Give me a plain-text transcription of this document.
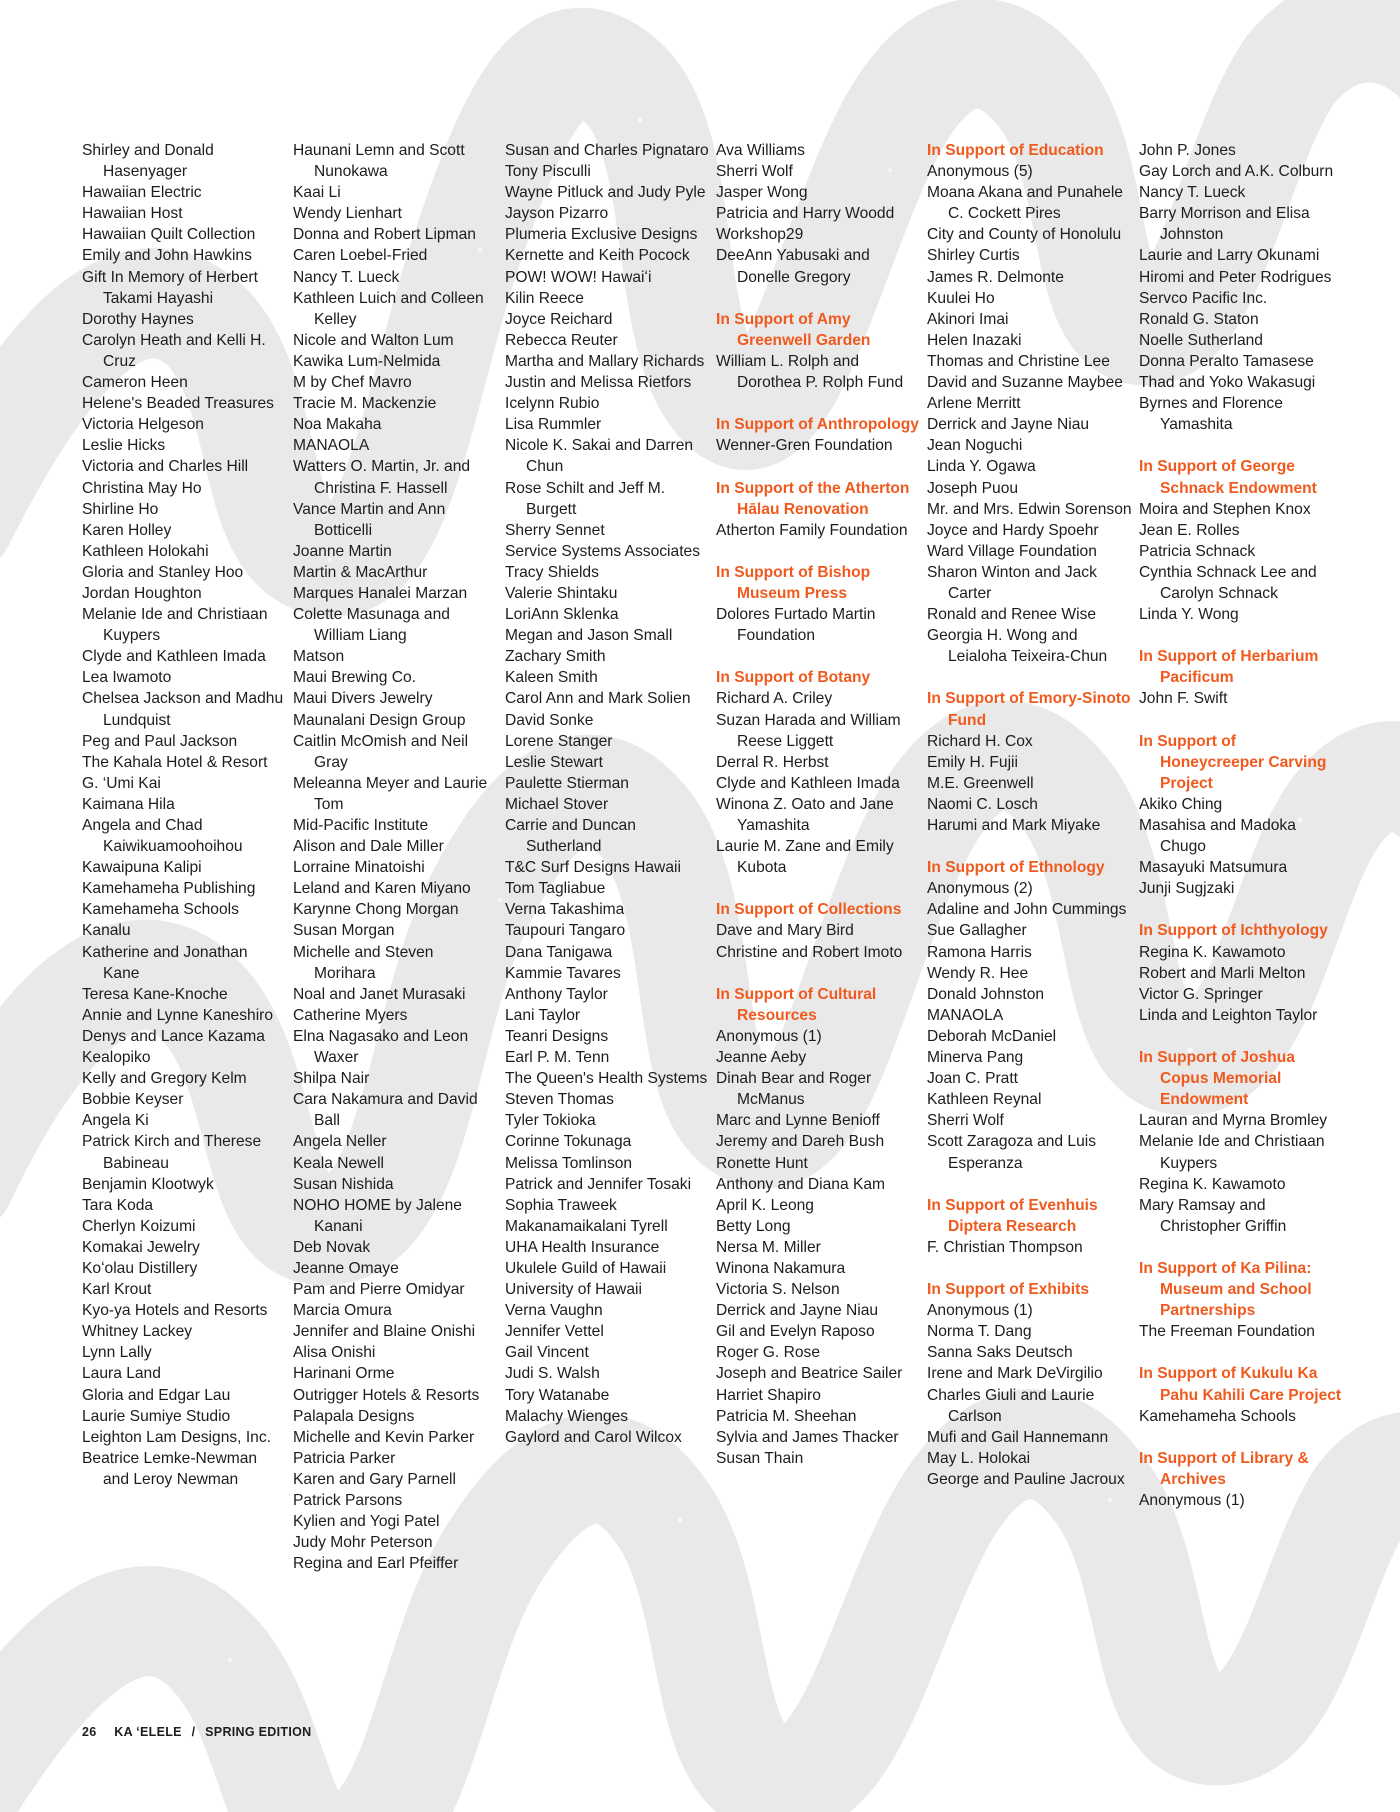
Shirley and Donald Hasenyager
Hawaiian Electric
Hawaiian Host
Hawaiian Quilt Collection
Emily and John Hawkins
Gift In Memory of Herbert Takami Hayashi
Dorothy Haynes
Carolyn Heath and Kelli H. Cruz
Cameron Heen
Helene's Beaded Treasures
Victoria Helgeson
Leslie Hicks
Victoria and Charles Hill
Christina May Ho
Shirline Ho
Karen Holley
Kathleen Holokahi
Gloria and Stanley Hoo
Jordan Houghton
Melanie Ide and Christiaan Kuypers
Clyde and Kathleen Imada
Lea Iwamoto
Chelsea Jackson and Madhu Lundquist
Peg and Paul Jackson
The Kahala Hotel & Resort
G. ‘Umi Kai
Kaimana Hila
Angela and Chad Kaiwikuamoohoihou
Kawaipuna Kalipi
Kamehameha Publishing
Kamehameha Schools
Kanalu
Katherine and Jonathan Kane
Teresa Kane-Knoche
Annie and Lynne Kaneshiro
Denys and Lance Kazama
Kealopiko
Kelly and Gregory Kelm
Bobbie Keyser
Angela Ki
Patrick Kirch and Therese Babineau
Benjamin Klootwyk
Tara Koda
Cherlyn Koizumi
Komakai Jewelry
Koʻolau Distillery
Karl Krout
Kyo-ya Hotels and Resorts
Whitney Lackey
Lynn Lally
Laura Land
Gloria and Edgar Lau
Laurie Sumiye Studio
Leighton Lam Designs, Inc.
Beatrice Lemke-Newman and Leroy Newman
Haunani Lemn and Scott Nunokawa
Kaai Li
Wendy Lienhart
Donna and Robert Lipman
Caren Loebel-Fried
Nancy T. Lueck
Kathleen Luich and Colleen Kelley
Nicole and Walton Lum
Kawika Lum-Nelmida
M by Chef Mavro
Tracie M. Mackenzie
Noa Makaha
MANAOLA
Watters O. Martin, Jr. and Christina F. Hassell
Vance Martin and Ann Botticelli
Joanne Martin
Martin & MacArthur
Marques Hanalei Marzan
Colette Masunaga and William Liang
Matson
Maui Brewing Co.
Maui Divers Jewelry
Maunalani Design Group
Caitlin McOmish and Neil Gray
Meleanna Meyer and Laurie Tom
Mid-Pacific Institute
Alison and Dale Miller
Lorraine Minatoishi
Leland and Karen Miyano
Karynne Chong Morgan
Susan Morgan
Michelle and Steven Morihara
Noal and Janet Murasaki
Catherine Myers
Elna Nagasako and Leon Waxer
Shilpa Nair
Cara Nakamura and David Ball
Angela Neller
Keala Newell
Susan Nishida
NOHO HOME by Jalene Kanani
Deb Novak
Jeanne Omaye
Pam and Pierre Omidyar
Marcia Omura
Jennifer and Blaine Onishi
Alisa Onishi
Harinani Orme
Outrigger Hotels & Resorts
Palapala Designs
Michelle and Kevin Parker
Patricia Parker
Karen and Gary Parnell
Patrick Parsons
Kylien and Yogi Patel
Judy Mohr Peterson
Regina and Earl Pfeiffer
Susan and Charles Pignataro
Tony Pisculli
Wayne Pitluck and Judy Pyle
Jayson Pizarro
Plumeria Exclusive Designs
Kernette and Keith Pocock
POW! WOW! Hawaiʻi
Kilin Reece
Joyce Reichard
Rebecca Reuter
Martha and Mallary Richards
Justin and Melissa Rietfors
Icelynn Rubio
Lisa Rummler
Nicole K. Sakai and Darren Chun
Rose Schilt and Jeff M. Burgett
Sherry Sennet
Service Systems Associates
Tracy Shields
Valerie Shintaku
LoriAnn Sklenka
Megan and Jason Small
Zachary Smith
Kaleen Smith
Carol Ann and Mark Solien
David Sonke
Lorene Stanger
Leslie Stewart
Paulette Stierman
Michael Stover
Carrie and Duncan Sutherland
T&C Surf Designs Hawaii
Tom Tagliabue
Verna Takashima
Taupouri Tangaro
Dana Tanigawa
Kammie Tavares
Anthony Taylor
Lani Taylor
Teanri Designs
Earl P. M. Tenn
The Queen's Health Systems
Steven Thomas
Tyler Tokioka
Corinne Tokunaga
Melissa Tomlinson
Patrick and Jennifer Tosaki
Sophia Traweek
Makanamaikalani Tyrell
UHA Health Insurance
Ukulele Guild of Hawaii
University of Hawaii
Verna Vaughn
Jennifer Vettel
Gail Vincent
Judi S. Walsh
Tory Watanabe
Malachy Wienges
Gaylord and Carol Wilcox
Ava Williams
Sherri Wolf
Jasper Wong
Patricia and Harry Woodd
Workshop29
DeeAnn Yabusaki and Donelle Gregory
In Support of Amy Greenwell Garden
William L. Rolph and Dorothea P. Rolph Fund
In Support of Anthropology
Wenner-Gren Foundation
In Support of the Atherton Hālau Renovation
Atherton Family Foundation
In Support of Bishop Museum Press
Dolores Furtado Martin Foundation
In Support of Botany
Richard A. Criley
Suzan Harada and William Reese Liggett
Derral R. Herbst
Clyde and Kathleen Imada
Winona Z. Oato and Jane Yamashita
Laurie M. Zane and Emily Kubota
In Support of Collections
Dave and Mary Bird
Christine and Robert Imoto
In Support of Cultural Resources
Anonymous (1)
Jeanne Aeby
Dinah Bear and Roger McManus
Marc and Lynne Benioff
Jeremy and Dareh Bush
Ronette Hunt
Anthony and Diana Kam
April K. Leong
Betty Long
Nersa M. Miller
Winona Nakamura
Victoria S. Nelson
Derrick and Jayne Niau
Gil and Evelyn Raposo
Roger G. Rose
Joseph and Beatrice Sailer
Harriet Shapiro
Patricia M. Sheehan
Sylvia and James Thacker
Susan Thain
In Support of Education
Anonymous (5)
Moana Akana and Punahele C. Cockett Pires
City and County of Honolulu
Shirley Curtis
James R. Delmonte
Kuulei Ho
Akinori Imai
Helen Inazaki
Thomas and Christine Lee
David and Suzanne Maybee
Arlene Merritt
Derrick and Jayne Niau
Jean Noguchi
Linda Y. Ogawa
Joseph Puou
Mr. and Mrs. Edwin Sorenson
Joyce and Hardy Spoehr
Ward Village Foundation
Sharon Winton and Jack Carter
Ronald and Renee Wise
Georgia H. Wong and Leialoha Teixeira-Chun
In Support of Emory-Sinoto Fund
Richard H. Cox
Emily H. Fujii
M.E. Greenwell
Naomi C. Losch
Harumi and Mark Miyake
In Support of Ethnology
Anonymous (2)
Adaline and John Cummings
Sue Gallagher
Ramona Harris
Wendy R. Hee
Donald Johnston
MANAOLA
Deborah McDaniel
Minerva Pang
Joan C. Pratt
Kathleen Reynal
Sherri Wolf
Scott Zaragoza and Luis Esperanza
In Support of Evenhuis Diptera Research
F. Christian Thompson
In Support of Exhibits
Anonymous (1)
Norma T. Dang
Sanna Saks Deutsch
Irene and Mark DeVirgilio
Charles Giuli and Laurie Carlson
Mufi and Gail Hannemann
May L. Holokai
George and Pauline Jacroux
John P. Jones
Gay Lorch and A.K. Colburn
Nancy T. Lueck
Barry Morrison and Elisa Johnston
Laurie and Larry Okunami
Hiromi and Peter Rodrigues
Servco Pacific Inc.
Ronald G. Staton
Noelle Sutherland
Donna Peralto Tamasese
Thad and Yoko Wakasugi
Byrnes and Florence Yamashita
In Support of George Schnack Endowment
Moira and Stephen Knox
Jean E. Rolles
Patricia Schnack
Cynthia Schnack Lee and Carolyn Schnack
Linda Y. Wong
In Support of Herbarium Pacificum
John F. Swift
In Support of Honeycreeper Carving Project
Akiko Ching
Masahisa and Madoka Chugo
Masayuki Matsumura
Junji Sugjzaki
In Support of Ichthyology
Regina K. Kawamoto
Robert and Marli Melton
Victor G. Springer
Linda and Leighton Taylor
In Support of Joshua Copus Memorial Endowment
Lauran and Myrna Bromley
Melanie Ide and Christiaan Kuypers
Regina K. Kawamoto
Mary Ramsay and Christopher Griffin
In Support of Ka Pilina: Museum and School Partnerships
The Freeman Foundation
In Support of Kukulu Ka Pahu Kahili Care Project
Kamehameha Schools
In Support of Library & Archives
Anonymous (1)
26 KA ʻELELE / SPRING EDITION
